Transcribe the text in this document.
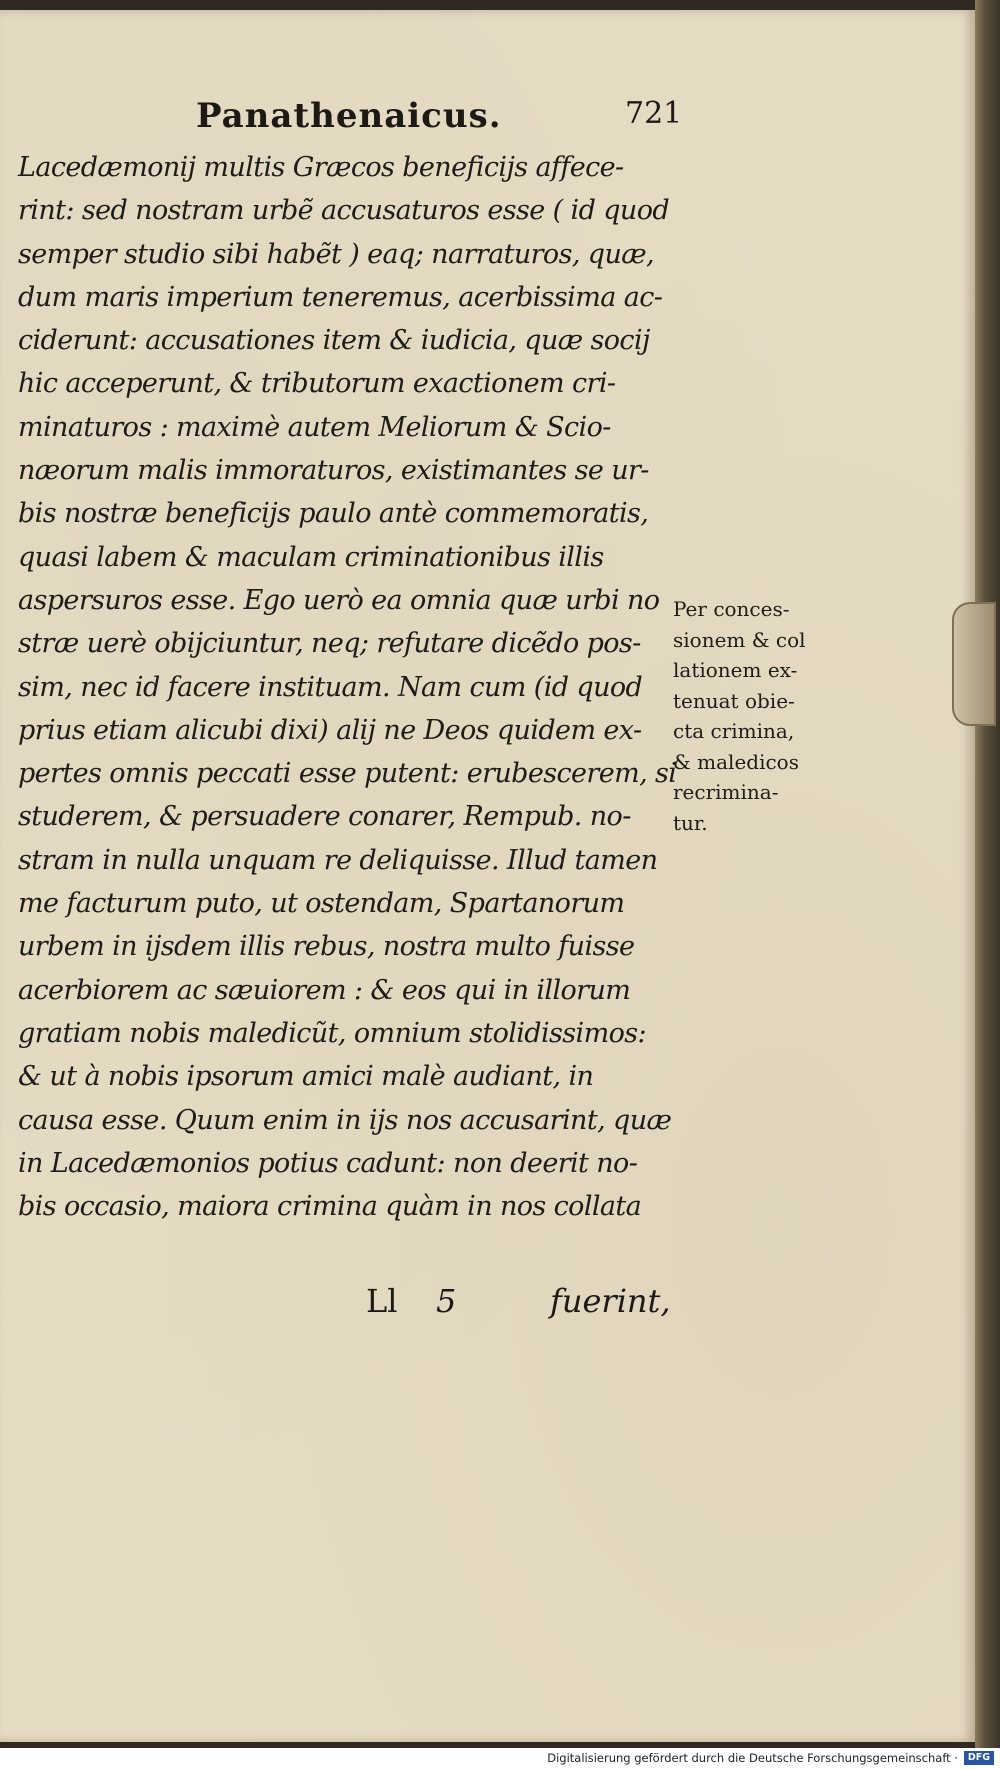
Panathenaicus.	721
Lacedæmonij multis Græcos beneficijs affece-
rint: sed nostram urbẽ accusaturos esse ( id quod
semper studio sibi habẽt ) eaq; narraturos, quæ,
dum maris imperium teneremus, acerbissima ac-
ciderunt: accusationes item & iudicia, quæ socij
hic acceperunt, & tributorum exactionem cri-
minaturos : maximè autem Meliorum & Scio-
næorum malis immoraturos, existimantes se ur-
bis nostræ beneficijs paulo antè commemoratis,
quasi labem & maculam criminationibus illis
aspersuros esse. Ego uerò ea omnia quæ urbi no
stræ uerè obijciuntur, neq; refutare dicẽdo pos-
sim, nec id facere instituam. Nam cum (id quod
prius etiam alicubi dixi) alij ne Deos quidem ex-
pertes omnis peccati esse putent: erubescerem, si
studerem, & persuadere conarer, Rempub. no-
stram in nulla unquam re deliquisse. Illud tamen
me facturum puto, ut ostendam, Spartanorum
urbem in ijsdem illis rebus, nostra multo fuisse
acerbiorem ac sæuiorem : & eos qui in illorum
gratiam nobis maledicũt, omnium stolidissimos:
& ut à nobis ipsorum amici malè audiant, in
causa esse. Quum enim in ijs nos accusarint, quæ
in Lacedæmonios potius cadunt: non deerit no-
bis occasio, maiora crimina quàm in nos collata
Per conces-
sionem & col
lationem ex-
tenuat obie-
cta crimina,
& maledicos
recrimina-
tur.
Ll 5	fuerint,
Digitalisierung gefördert durch die Deutsche Forschungsgemeinschaft ·	DFG
